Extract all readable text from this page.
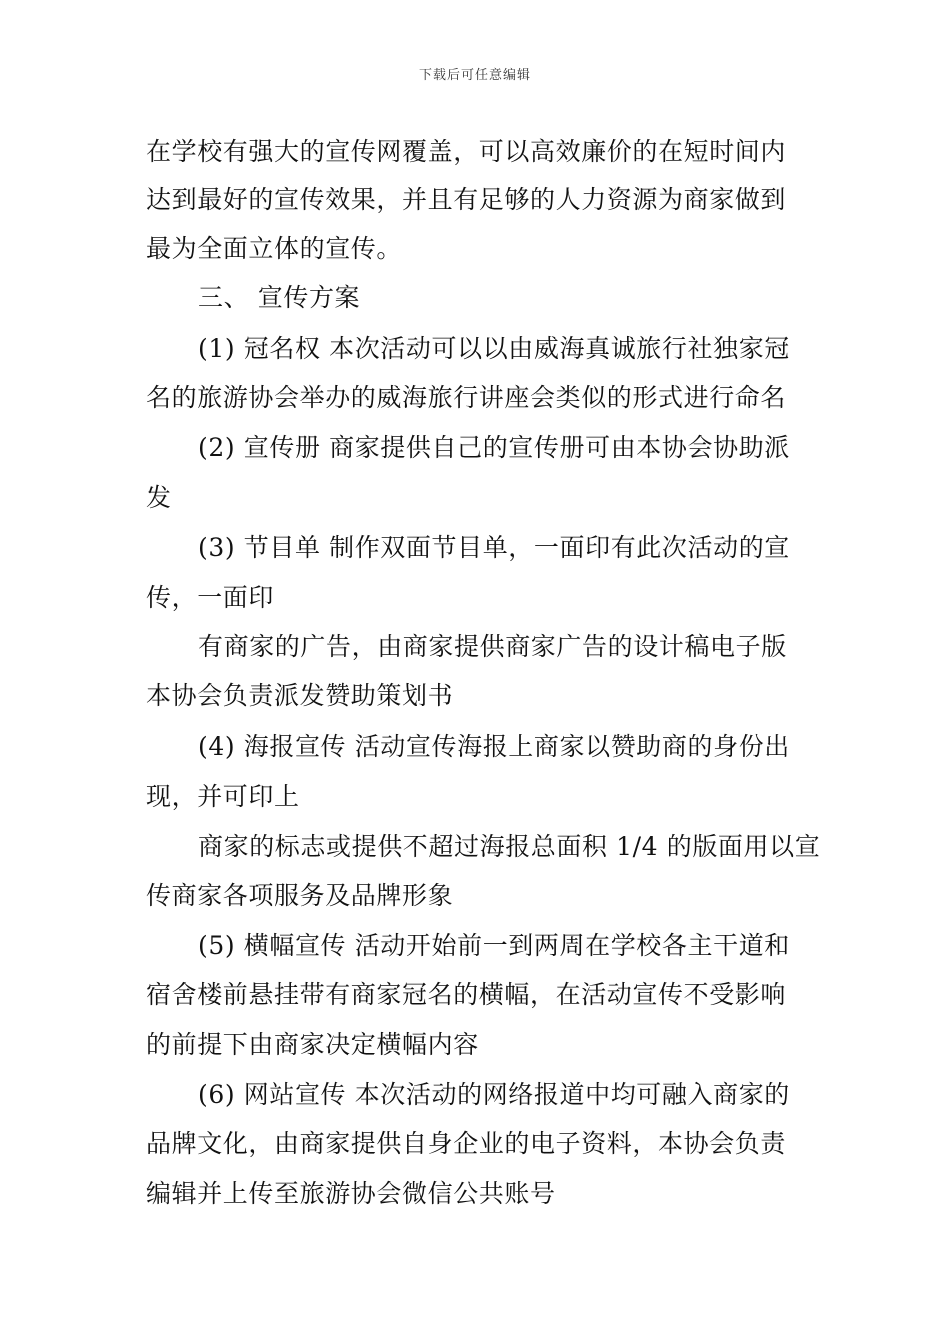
下载后可任意编辑
在学校有强大的宣传网覆盖，可以高效廉价的在短时间内
达到最好的宣传效果，并且有足够的人力资源为商家做到
最为全面立体的宣传。
三、 宣传方案
(1) 冠名权 本次活动可以以由威海真诚旅行社独家冠
名的旅游协会举办的威海旅行讲座会类似的形式进行命名
(2) 宣传册 商家提供自己的宣传册可由本协会协助派
发
(3) 节目单 制作双面节目单，一面印有此次活动的宣
传，一面印
有商家的广告，由商家提供商家广告的设计稿电子版
本协会负责派发赞助策划书
(4) 海报宣传 活动宣传海报上商家以赞助商的身份出
现，并可印上
商家的标志或提供不超过海报总面积 1/4 的版面用以宣
传商家各项服务及品牌形象
(5) 横幅宣传 活动开始前一到两周在学校各主干道和
宿舍楼前悬挂带有商家冠名的横幅，在活动宣传不受影响
的前提下由商家决定横幅内容
(6) 网站宣传 本次活动的网络报道中均可融入商家的
品牌文化，由商家提供自身企业的电子资料，本协会负责
编辑并上传至旅游协会微信公共账号
